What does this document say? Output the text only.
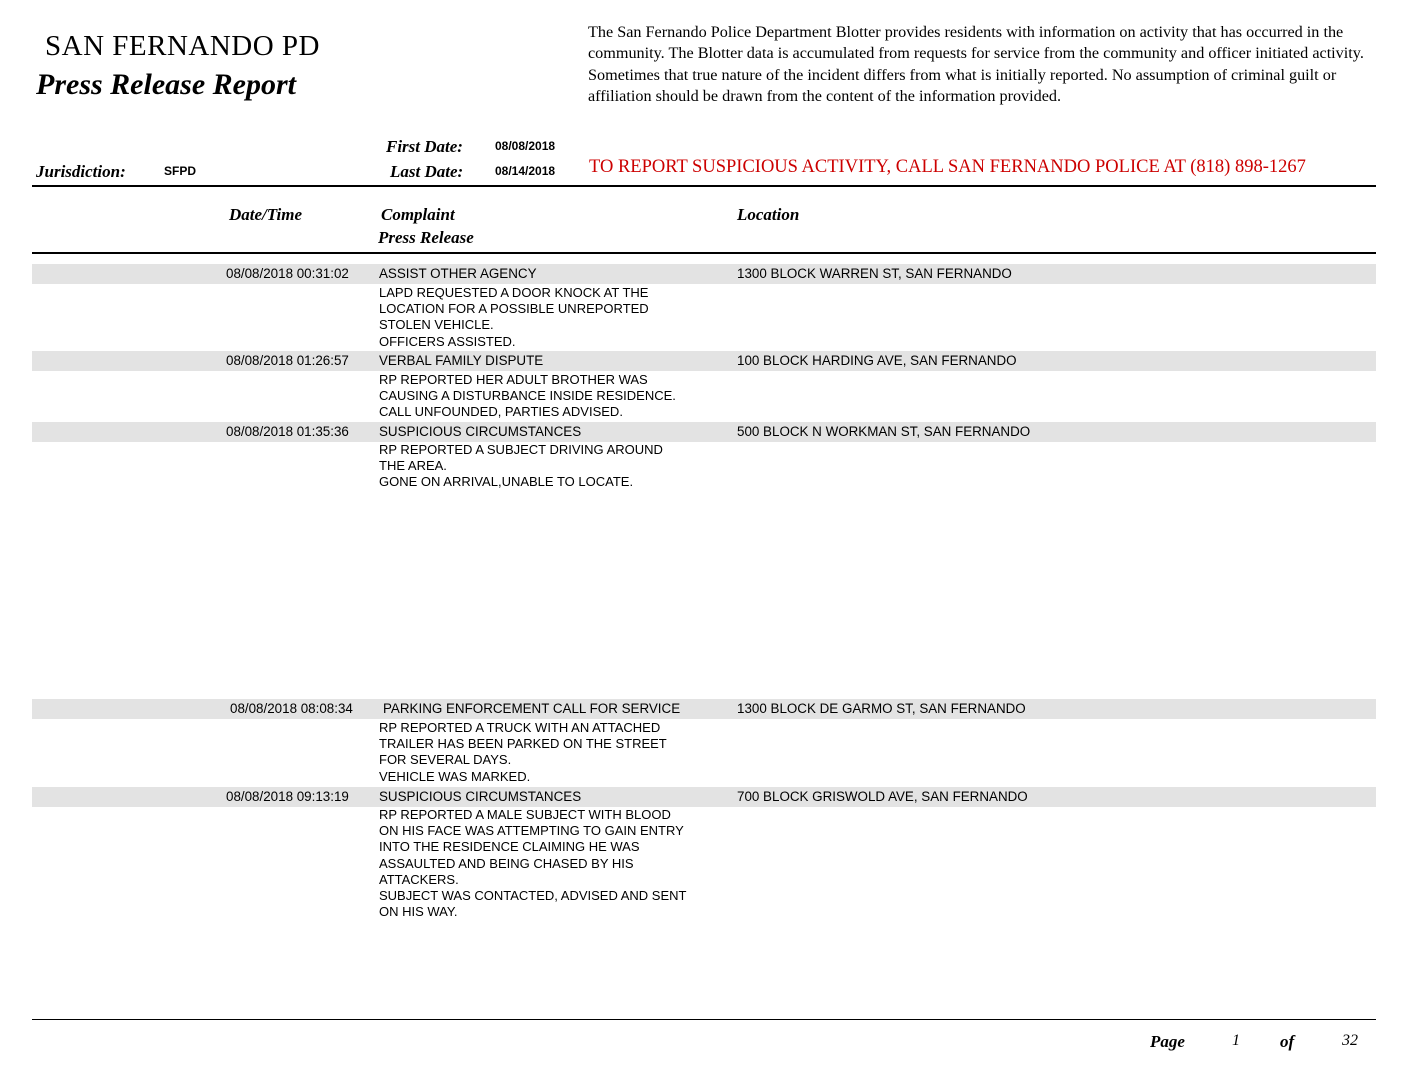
SAN FERNANDO PD
Press Release Report
The San Fernando Police Department Blotter provides residents with information on activity that has occurred in the community. The Blotter data is accumulated from requests for service from the community and officer initiated activity. Sometimes that true nature of the incident differs from what is initially reported. No assumption of criminal guilt or affiliation should be drawn from the content of the information provided.
First Date:	08/08/2018
Last Date:	08/14/2018
Jurisdiction:	SFPD	TO REPORT SUSPICIOUS ACTIVITY, CALL SAN FERNANDO POLICE AT (818) 898-1267
Date/Time	Complaint
Press Release
Location
08/08/2018 00:31:02 ASSIST OTHER AGENCY	1300 BLOCK WARREN ST, SAN FERNANDO
LAPD REQUESTED A DOOR KNOCK AT THE
LOCATION FOR A POSSIBLE UNREPORTED
STOLEN VEHICLE.
OFFICERS ASSISTED.
08/08/2018 01:26:57 VERBAL FAMILY DISPUTE	100 BLOCK HARDING AVE, SAN FERNANDO
RP REPORTED HER ADULT BROTHER WAS
CAUSING A DISTURBANCE INSIDE RESIDENCE.
CALL UNFOUNDED, PARTIES ADVISED.
08/08/2018 01:35:36 SUSPICIOUS CIRCUMSTANCES	500 BLOCK N WORKMAN ST, SAN FERNANDO
RP REPORTED A SUBJECT DRIVING AROUND
THE AREA.
GONE ON ARRIVAL,UNABLE TO LOCATE.
08/08/2018 08:08:34 PARKING ENFORCEMENT CALL FOR SERVICE	1300 BLOCK DE GARMO ST, SAN FERNANDO
RP REPORTED A TRUCK WITH AN ATTACHED
TRAILER HAS BEEN PARKED ON THE STREET
FOR SEVERAL DAYS.
VEHICLE WAS MARKED.
08/08/2018 09:13:19 SUSPICIOUS CIRCUMSTANCES	700 BLOCK GRISWOLD AVE, SAN FERNANDO
RP REPORTED A MALE SUBJECT WITH BLOOD
ON HIS FACE WAS ATTEMPTING TO GAIN ENTRY
INTO THE RESIDENCE CLAIMING HE WAS
ASSAULTED AND BEING CHASED BY HIS
ATTACKERS.
SUBJECT WAS CONTACTED, ADVISED AND SENT
ON HIS WAY.
Page	1 of	32
